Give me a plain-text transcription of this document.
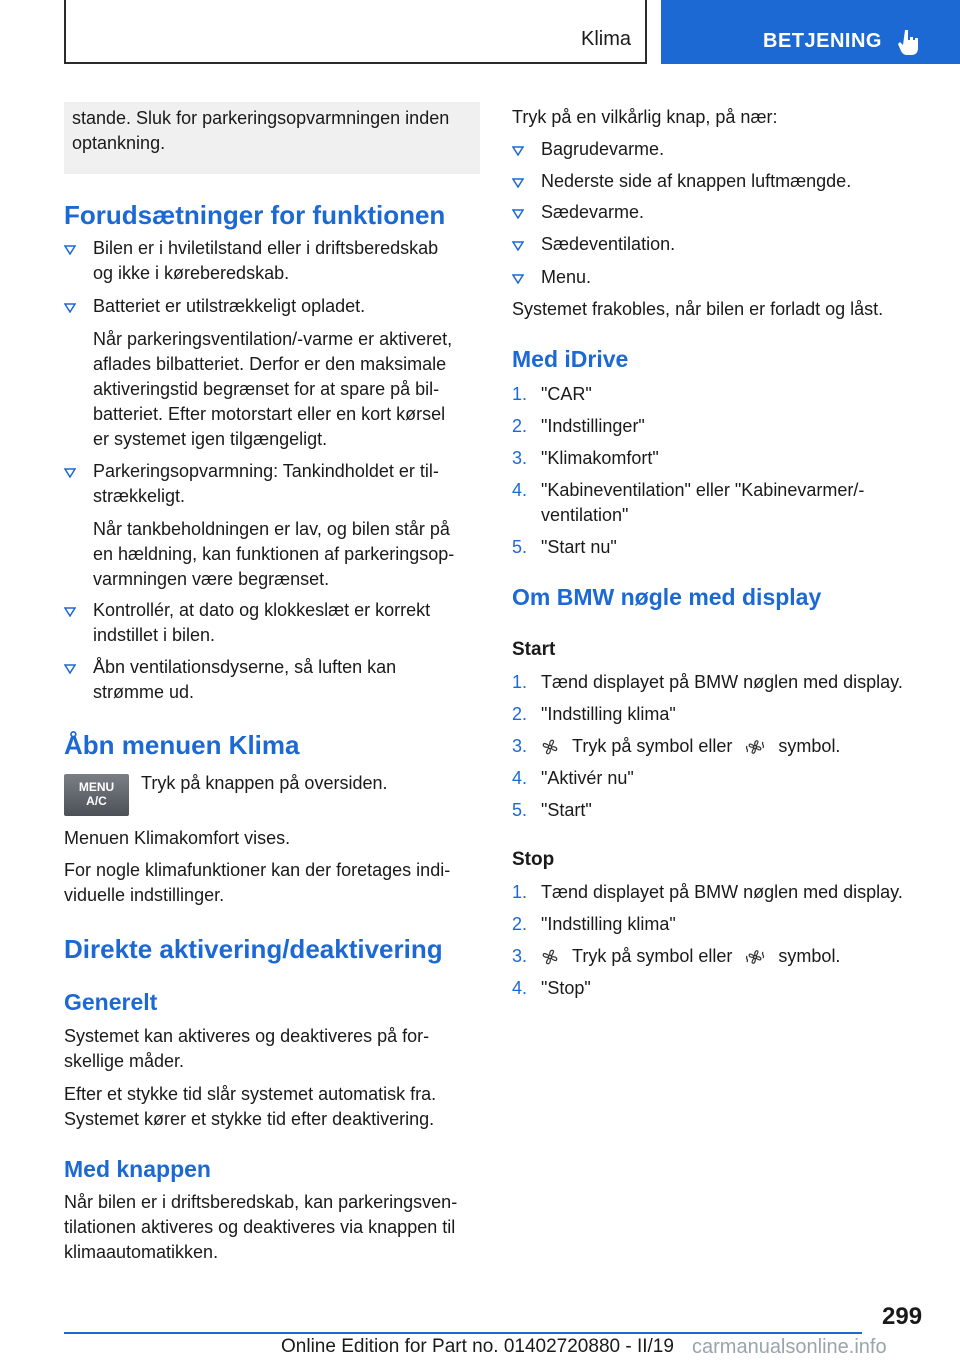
Klima	BETJENING
stande. Sluk for parkeringsopvarmningen inden
optankning.
Forudsætninger for funktionen
Bilen er i hviletilstand eller i driftsberedskab
og ikke i køreberedskab.
Batteriet er utilstrækkeligt opladet.
Når parkeringsventilation/-varme er aktiveret,
aflades bilbatteriet. Derfor er den maksimale
aktiveringstid begrænset for at spare på bil-
batteriet. Efter motorstart eller en kort kørsel
er systemet igen tilgængeligt.
Parkeringsopvarmning: Tankindholdet er til-
strækkeligt.
Når tankbeholdningen er lav, og bilen står på
en hældning, kan funktionen af parkeringsop-
varmningen være begrænset.
Kontrollér, at dato og klokkeslæt er korrekt
indstillet i bilen.
Åbn ventilationsdyserne, så luften kan
strømme ud.
Åbn menuen Klima
MENU
A/C
Tryk på knappen på oversiden.
Menuen Klimakomfort vises.
For nogle klimafunktioner kan der foretages indi-
viduelle indstillinger.
Direkte aktivering/deaktivering
Generelt
Systemet kan aktiveres og deaktiveres på for-
skellige måder.
Efter et stykke tid slår systemet automatisk fra.
Systemet kører et stykke tid efter deaktivering.
Med knappen
Når bilen er i driftsberedskab, kan parkeringsven-
tilationen aktiveres og deaktiveres via knappen til
klimaautomatikken.
Tryk på en vilkårlig knap, på nær:
Bagrudevarme.
Nederste side af knappen luftmængde.
Sædevarme.
Sædeventilation.
Menu.
Systemet frakobles, når bilen er forladt og låst.
Med iDrive
1. "CAR"
2. "Indstillinger"
3. "Klimakomfort"
4. "Kabineventilation" eller "Kabinevarmer/-
ventilation"
5. "Start nu"
Om BMW nøgle med display
Start
1. Tænd displayet på BMW nøglen med display.
2. "Indstilling klima"
3.	Tryk på symbol eller	symbol.
4. "Aktivér nu"
5. "Start"
Stop
1. Tænd displayet på BMW nøglen med display.
2. "Indstilling klima"
3.	Tryk på symbol eller	symbol.
4. "Stop"
299
Online Edition for Part no. 01402720880 - II/19 carmanualsonline.info
